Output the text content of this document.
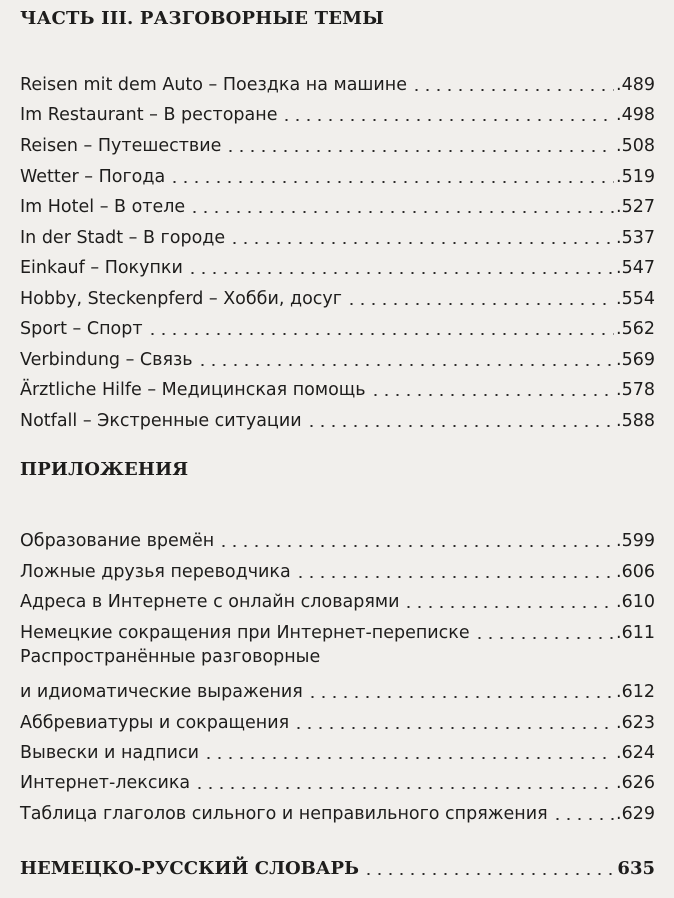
ЧАСТЬ III. РАЗГОВОРНЫЕ ТЕМЫ
Reisen mit dem Auto – Поездка на машине	.489
Im Restaurant – В ресторане	.498
Reisen – Путешествие	.508
Wetter – Погода	.519
Im Hotel – В отеле	.527
In der Stadt – В городе	.537
Einkauf – Покупки	.547
Hobby, Steckenpferd – Хобби, досуг	.554
Sport – Спорт	.562
Verbindung – Связь	.569
Ärztliche Hilfe – Медицинская помощь	.578
Notfall – Экстренные ситуации	.588
ПРИЛОЖЕНИЯ
Образование времён	.599
Ложные друзья переводчика	.606
Адреса в Интернете с онлайн словарями	.610
Немецкие сокращения при Интернет-переписке	.611
Распространённые разговорные
и идиоматические выражения	.612
Аббревиатуры и сокращения	.623
Вывески и надписи	.624
Интернет-лексика	.626
Таблица глаголов сильного и неправильного спряжения	.629
НЕМЕЦКО-РУССКИЙ СЛОВАРЬ	635
